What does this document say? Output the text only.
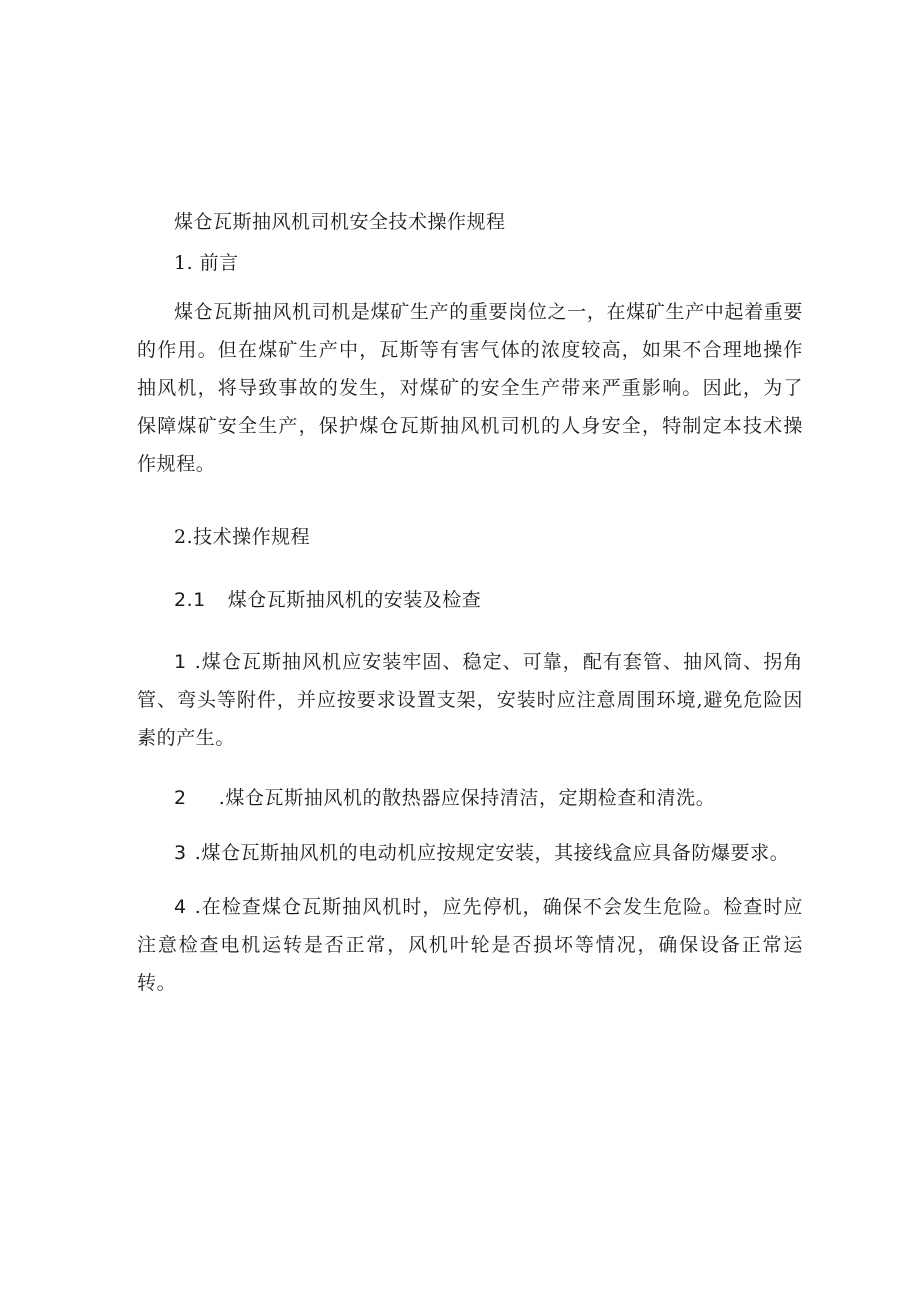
煤仓瓦斯抽风机司机安全技术操作规程
1. 前言
煤仓瓦斯抽风机司机是煤矿生产的重要岗位之一，在煤矿生产中起着重要的作用。但在煤矿生产中，瓦斯等有害气体的浓度较高，如果不合理地操作抽风机，将导致事故的发生，对煤矿的安全生产带来严重影响。因此，为了保障煤矿安全生产，保护煤仓瓦斯抽风机司机的人身安全，特制定本技术操作规程。
2.技术操作规程
2.1 煤仓瓦斯抽风机的安装及检查
1 .煤仓瓦斯抽风机应安装牢固、稳定、可靠，配有套管、抽风筒、拐角管、弯头等附件，并应按要求设置支架，安装时应注意周围环境,避免危险因素的产生。
2 .煤仓瓦斯抽风机的散热器应保持清洁，定期检查和清洗。
3 .煤仓瓦斯抽风机的电动机应按规定安装，其接线盒应具备防爆要求。
4 .在检查煤仓瓦斯抽风机时，应先停机，确保不会发生危险。检查时应注意检查电机运转是否正常，风机叶轮是否损坏等情况，确保设备正常运转。
